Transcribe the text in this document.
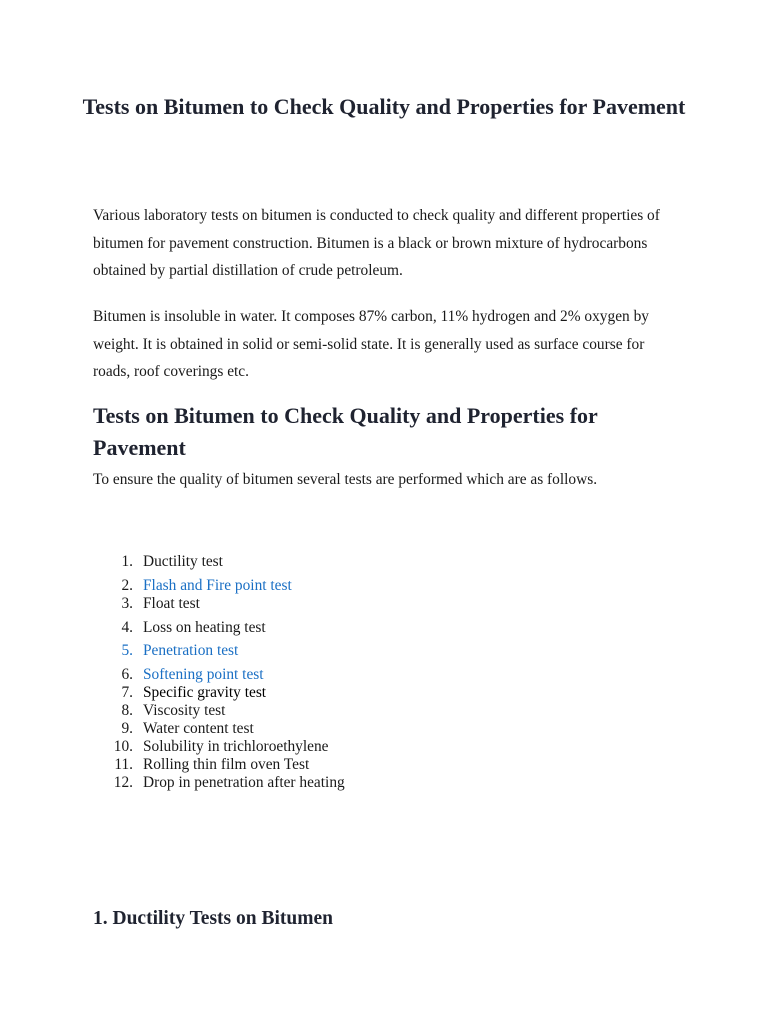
Tests on Bitumen to Check Quality and Properties for Pavement

Various laboratory tests on bitumen is conducted to check quality and different properties of bitumen for pavement construction. Bitumen is a black or brown mixture of hydrocarbons obtained by partial distillation of crude petroleum.

Bitumen is insoluble in water. It composes 87% carbon, 11% hydrogen and 2% oxygen by weight. It is obtained in solid or semi-solid state. It is generally used as surface course for roads, roof coverings etc.

Tests on Bitumen to Check Quality and Properties for Pavement

To ensure the quality of bitumen several tests are performed which are as follows.

1. Ductility test
2. Flash and Fire point test
3. Float test
4. Loss on heating test
5. Penetration test
6. Softening point test
7. Specific gravity test
8. Viscosity test
9. Water content test
10. Solubility in trichloroethylene
11. Rolling thin film oven Test
12. Drop in penetration after heating
1. Ductility Tests on Bitumen
